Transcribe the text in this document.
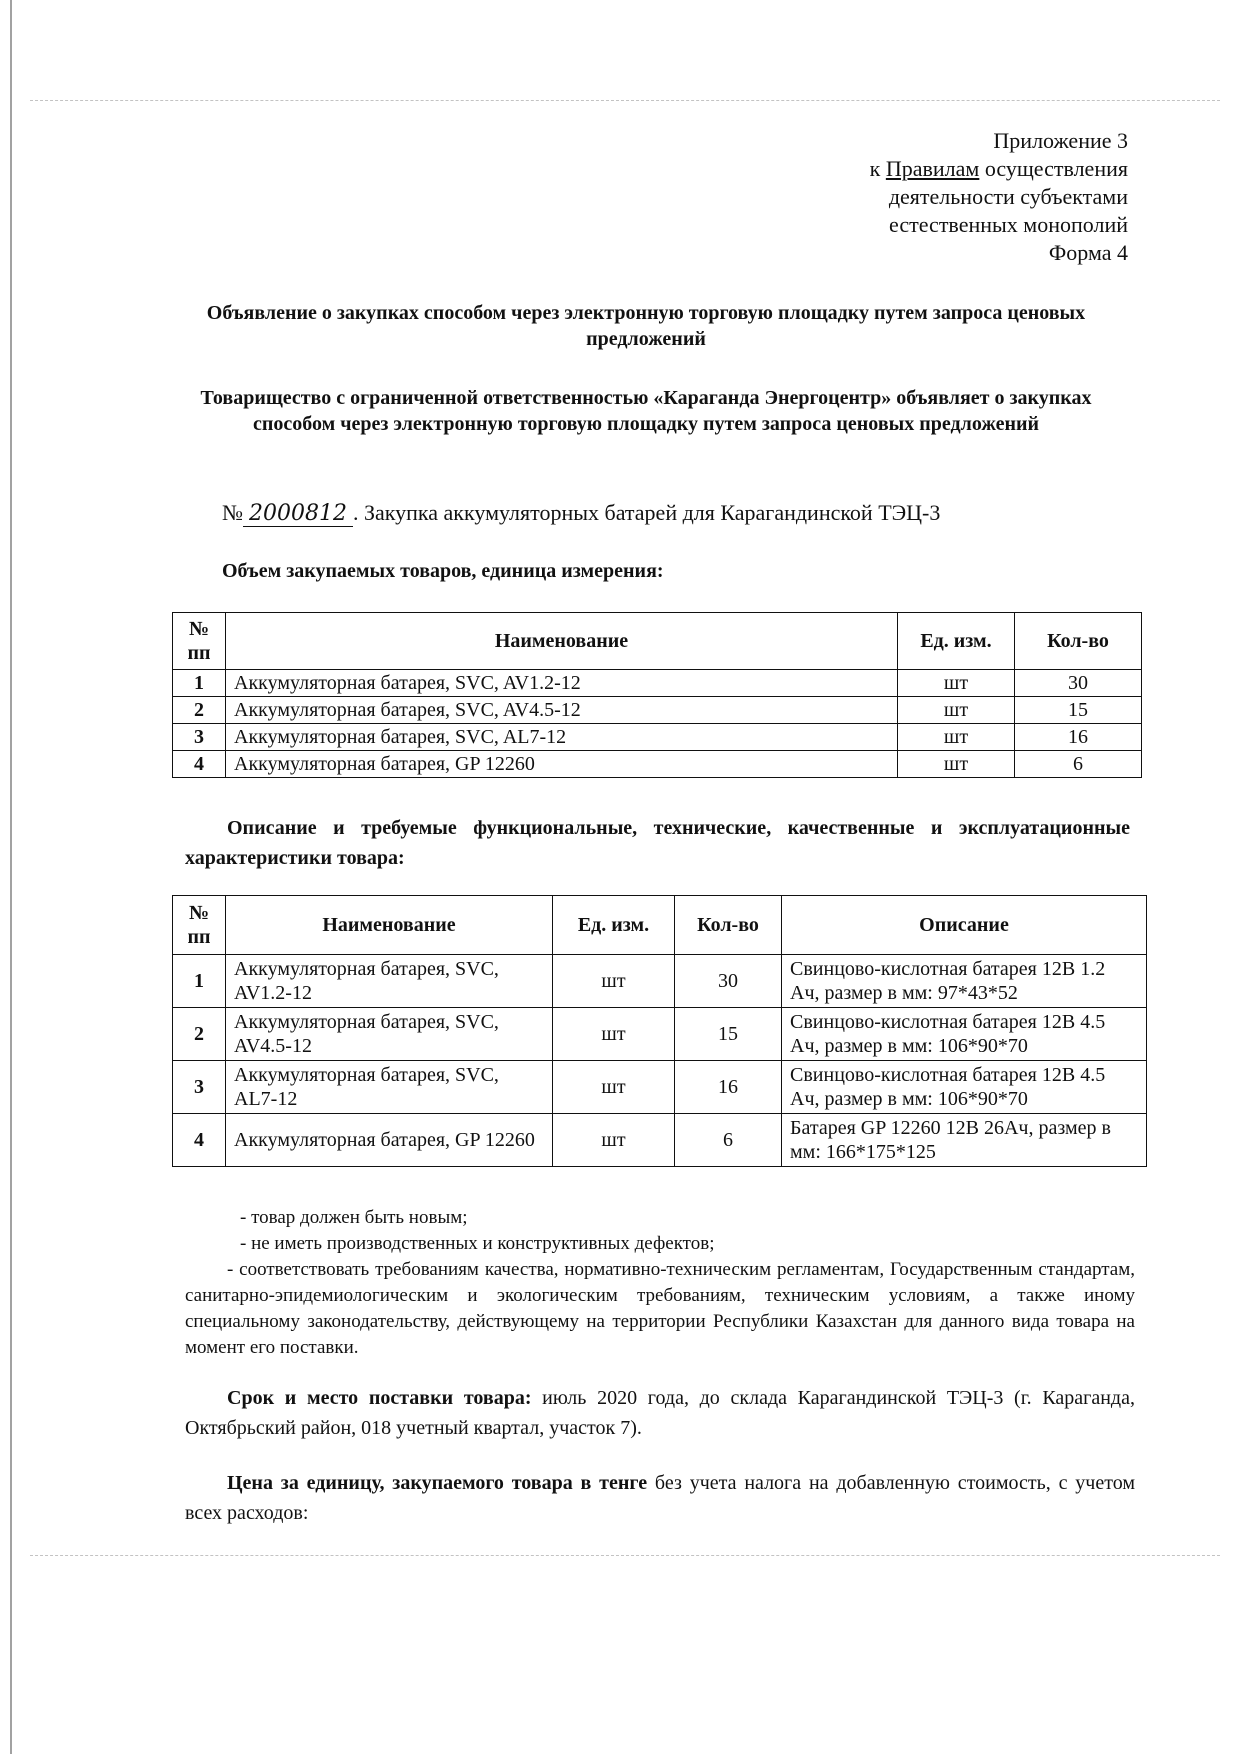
Приложение 3
к Правилам осуществления
деятельности субъектами
естественных монополий
Форма 4
Объявление о закупках способом через электронную торговую площадку путем запроса ценовых предложений
Товарищество с ограниченной ответственностью «Караганда Энергоцентр» объявляет о закупках способом через электронную торговую площадку путем запроса ценовых предложений
№ 2000812 . Закупка аккумуляторных батарей для Карагандинской ТЭЦ-3
Объем закупаемых товаров, единица измерения:
№ пп	Наименование	Ед. изм.	Кол-во
1	Аккумуляторная батарея, SVC, AV1.2-12	шт	30
2	Аккумуляторная батарея, SVC, AV4.5-12	шт	15
3	Аккумуляторная батарея, SVC, AL7-12	шт	16
4	Аккумуляторная батарея, GP 12260	шт	6
Описание и требуемые функциональные, технические, качественные и эксплуатационные характеристики товара:
№ пп	Наименование	Ед. изм.	Кол-во	Описание
1	Аккумуляторная батарея, SVC, AV1.2-12	шт	30	Свинцово-кислотная батарея 12В 1.2 Ач, размер в мм: 97*43*52
2	Аккумуляторная батарея, SVC, AV4.5-12	шт	15	Свинцово-кислотная батарея 12В 4.5 Ач, размер в мм: 106*90*70
3	Аккумуляторная батарея, SVC, AL7-12	шт	16	Свинцово-кислотная батарея 12В 4.5 Ач, размер в мм: 106*90*70
4	Аккумуляторная батарея, GP 12260	шт	6	Батарея GP 12260 12В 26Ач, размер в мм: 166*175*125

- товар должен быть новым;

- не иметь производственных и конструктивных дефектов;

- соответствовать требованиям качества, нормативно-техническим регламентам, Государственным стандартам, санитарно-эпидемиологическим и экологическим требованиям, техническим условиям, а также иному специальному законодательству, действующему на территории Республики Казахстан для данного вида товара на момент его поставки.

Срок и место поставки товара: июль 2020 года, до склада Карагандинской ТЭЦ-3 (г. Караганда, Октябрьский район, 018 учетный квартал, участок 7).
Цена за единицу, закупаемого товара в тенге без учета налога на добавленную стоимость, с учетом всех расходов:
